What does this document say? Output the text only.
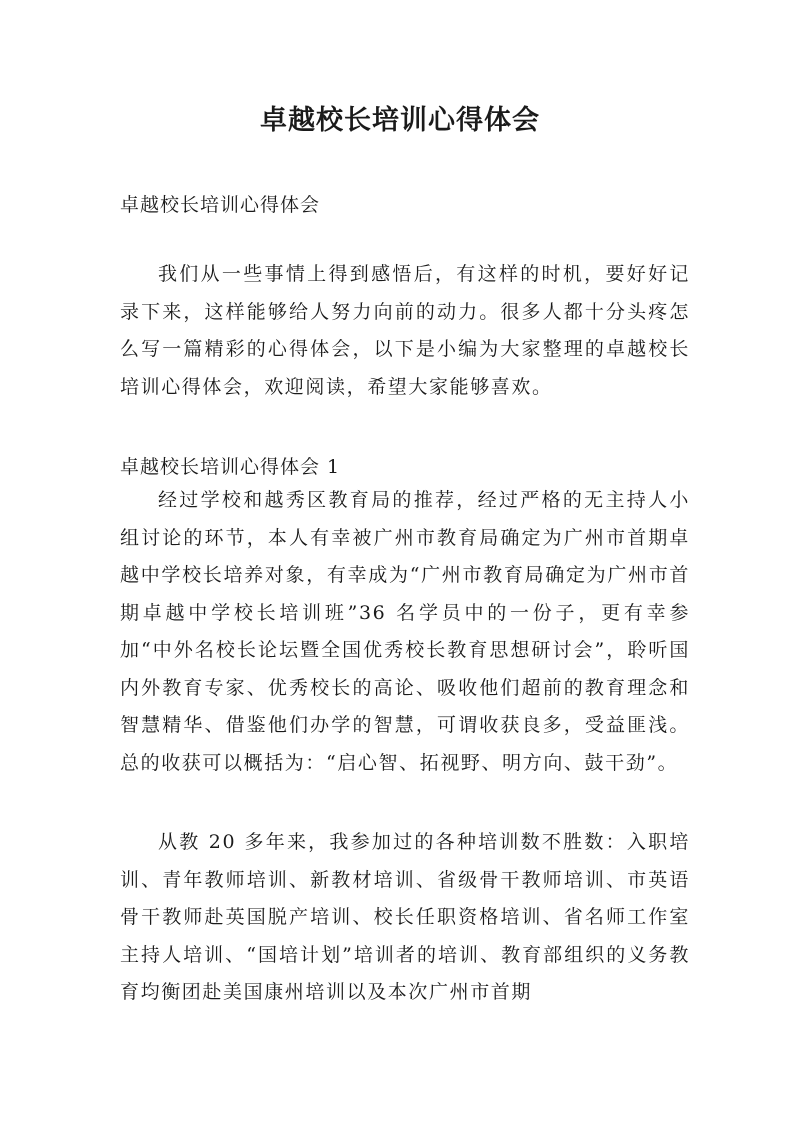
卓越校长培训心得体会

卓越校长培训心得体会

我们从一些事情上得到感悟后，有这样的时机，要好好记录下来，这样能够给人努力向前的动力。很多人都十分头疼怎么写一篇精彩的心得体会，以下是小编为大家整理的卓越校长培训心得体会，欢迎阅读，希望大家能够喜欢。

卓越校长培训心得体会 1

经过学校和越秀区教育局的推荐，经过严格的无主持人小组讨论的环节，本人有幸被广州市教育局确定为广州市首期卓越中学校长培养对象，有幸成为“广州市教育局确定为广州市首期卓越中学校长培训班”36 名学员中的一份子，更有幸参加“中外名校长论坛暨全国优秀校长教育思想研讨会”，聆听国内外教育专家、优秀校长的高论、吸收他们超前的教育理念和智慧精华、借鉴他们办学的智慧，可谓收获良多，受益匪浅。总的收获可以概括为：“启心智、拓视野、明方向、鼓干劲”。

从教 20 多年来，我参加过的各种培训数不胜数：入职培训、青年教师培训、新教材培训、省级骨干教师培训、市英语骨干教师赴英国脱产培训、校长任职资格培训、省名师工作室主持人培训、“国培计划”培训者的培训、教育部组织的义务教育均衡团赴美国康州培训以及本次广州市首期
